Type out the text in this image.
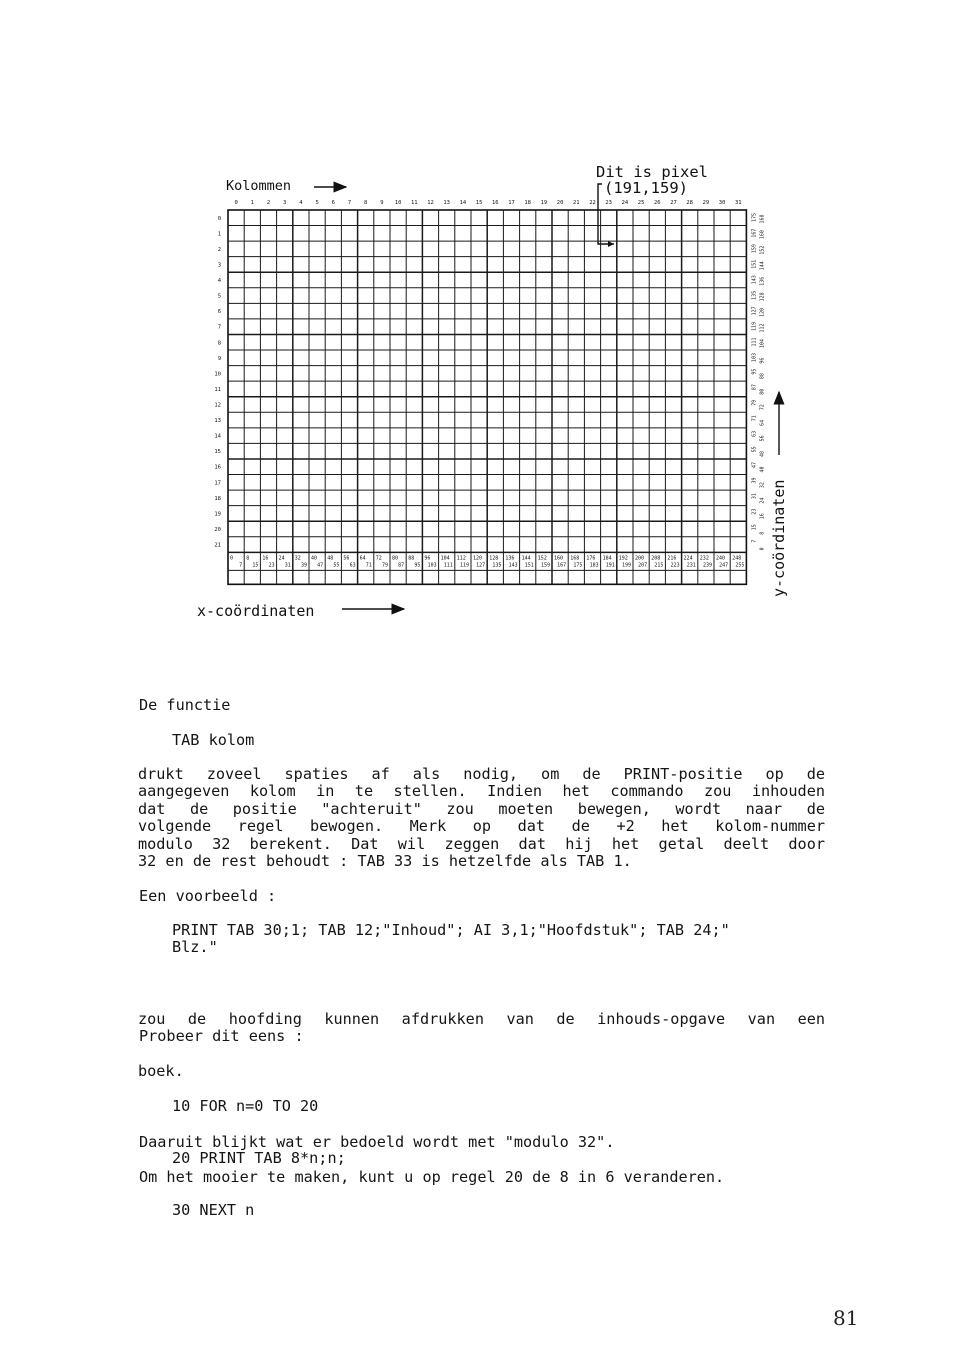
Dit is pixel
(191,159)
Kolommen
0 1 2 3 4 5 6 7 8 9 10 11 12 13 14 15 16 17 18 19 20 21 22 23 24 25 26 27 28 29 30 31
0
1
2
3
4
5
6
7
8
9
10
11
12
13
14
15
16
17
18
19
20
21
0	8	16 24 32 40 48 56 64 72 80 88 96 104 112 120 128 136 144 152 160 168 176 184 192 200 208 216 224 232 240 248
7 15 23 31 39 47 55 63 71 79 87 95 103 111 119 127 135 143 151 159 167 175 183 191 199 207 215 223 231 239 247 255
175
167
159
151
143
135
127
119
111
103
95
87
79
71
63
55
47
39
31
23
15
7
168
160
152
144
136
128
120
112
104
96
88
80
72
64
56
48
40
32
24
16
8
0
x-coördinaten
y-coördinaten
De functie
TAB kolom
drukt zoveel spaties af als nodig, om de PRINT-positie op de
aangegeven kolom in te stellen. Indien het commando zou inhouden
dat de positie "achteruit" zou moeten bewegen, wordt naar de
volgende regel bewogen. Merk op dat de +2 het kolom-nummer
modulo 32 berekent. Dat wil zeggen dat hij het getal deelt door
32 en de rest behoudt : TAB 33 is hetzelfde als TAB 1.
Een voorbeeld :
PRINT TAB 30;1; TAB 12;"Inhoud"; AI 3,1;"Hoofdstuk"; TAB 24;"
Blz."

zou de hoofding kunnen afdrukken van de inhouds-opgave van een

boek.

Probeer dit eens :

10 FOR n=0 TO 20

20 PRINT TAB 8*n;n;

30 NEXT n

Daaruit blijkt wat er bedoeld wordt met "modulo 32".
Om het mooier te maken, kunt u op regel 20 de 8 in 6 veranderen.
81
